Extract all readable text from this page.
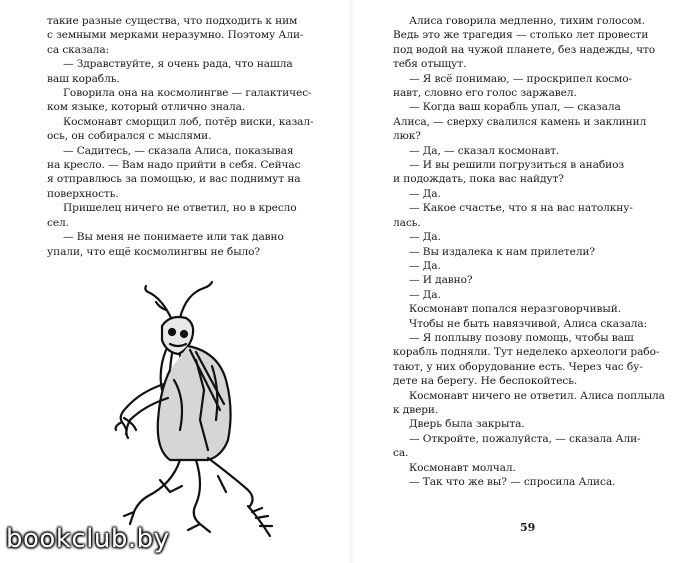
такие разные существа, что подходить к ним

с земными мерками неразумно. Поэтому Али-

са сказала:

— Здравствуйте, я очень рада, что нашла

ваш корабль.

Говорила она на космолингве — галактичес-

ком языке, который отлично знала.

Космонавт сморщил лоб, потёр виски, казал-

ось, он собирался с мыслями.

— Садитесь, — сказала Алиса, показывая

на кресло. — Вам надо прийти в себя. Сейчас

я отправлюсь за помощью, и вас поднимут на

поверхность.

Пришелец ничего не ответил, но в кресло

сел.

— Вы меня не понимаете или так давно

упали, что ещё космолингвы не было?

Алиса говорила медленно, тихим голосом.

Ведь это же трагедия — столько лет провести

под водой на чужой планете, без надежды, что

тебя отыщут.

— Я всё понимаю, — проскрипел космо-

навт, словно его голос заржавел.

— Когда ваш корабль упал, — сказала

Алиса, — сверху свалился камень и заклинил

люк?

— Да, — сказал космонавт.

— И вы решили погрузиться в анабиоз

и подождать, пока вас найдут?

— Да.

— Какое счастье, что я на вас натолкну-

лась.

— Да.

— Вы издалека к нам прилетели?

— Да.

— И давно?

— Да.

Космонавт попался неразговорчивый.

Чтобы не быть навязчивой, Алиса сказала:

— Я поплыву позову помощь, чтобы ваш

корабль подняли. Тут неделеко археологи рабо-

тают, у них оборудование есть. Через час бу-

дете на берегу. Не беспокойтесь.

Космонавт ничего не ответил. Алиса поплыла

к двери.

Дверь была закрыта.

— Откройте, пожалуйста, — сказала Али-

са.

Космонавт молчал.

— Так что же вы? — спросила Алиса.

59
bookclub.by
